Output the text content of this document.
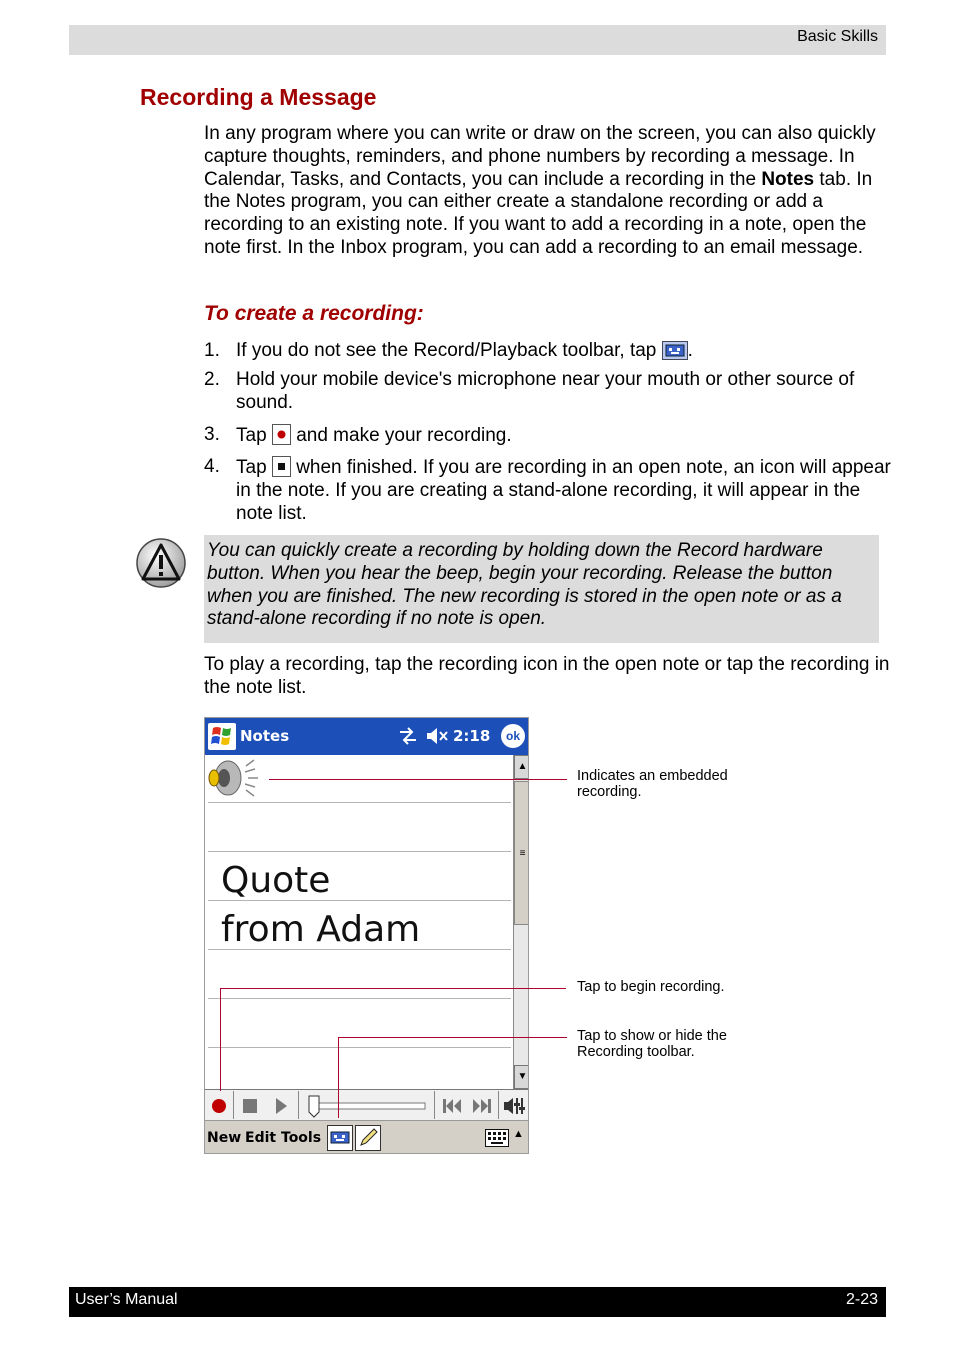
Basic Skills
Recording a Message

In any program where you can write or draw on the screen, you can also quickly capture thoughts, reminders, and phone numbers by recording a message. In Calendar, Tasks, and Contacts, you can include a recording in the Notes tab. In the Notes program, you can either create a standalone recording or add a recording to an existing note. If you want to add a recording in a note, open the note first. In the Inbox program, you can add a recording to an email message.

To create a recording:
1. If you do not see the Record/Playback toolbar, tap .
2. Hold your mobile device's microphone near your mouth or other source of sound.
3. Tap  and make your recording.
4. Tap  when finished. If you are recording in an open note, an icon will appear in the note. If you are creating a stand-alone recording, it will appear in the note list.

You can quickly create a recording by holding down the Record hardware button. When you hear the beep, begin your recording. Release the button when you are finished. The new recording is stored in the open note or as a stand-alone recording if no note is open.

To play a recording, tap the recording icon in the open note or tap the recording in the note list.

Notes	2:18	ok
Quote
from Adam
▲
≡
▼
New Edit Tools	▲
Indicates an embedded recording.
Tap to begin recording.
Tap to show or hide the Recording toolbar.
User’s Manual	2-23
